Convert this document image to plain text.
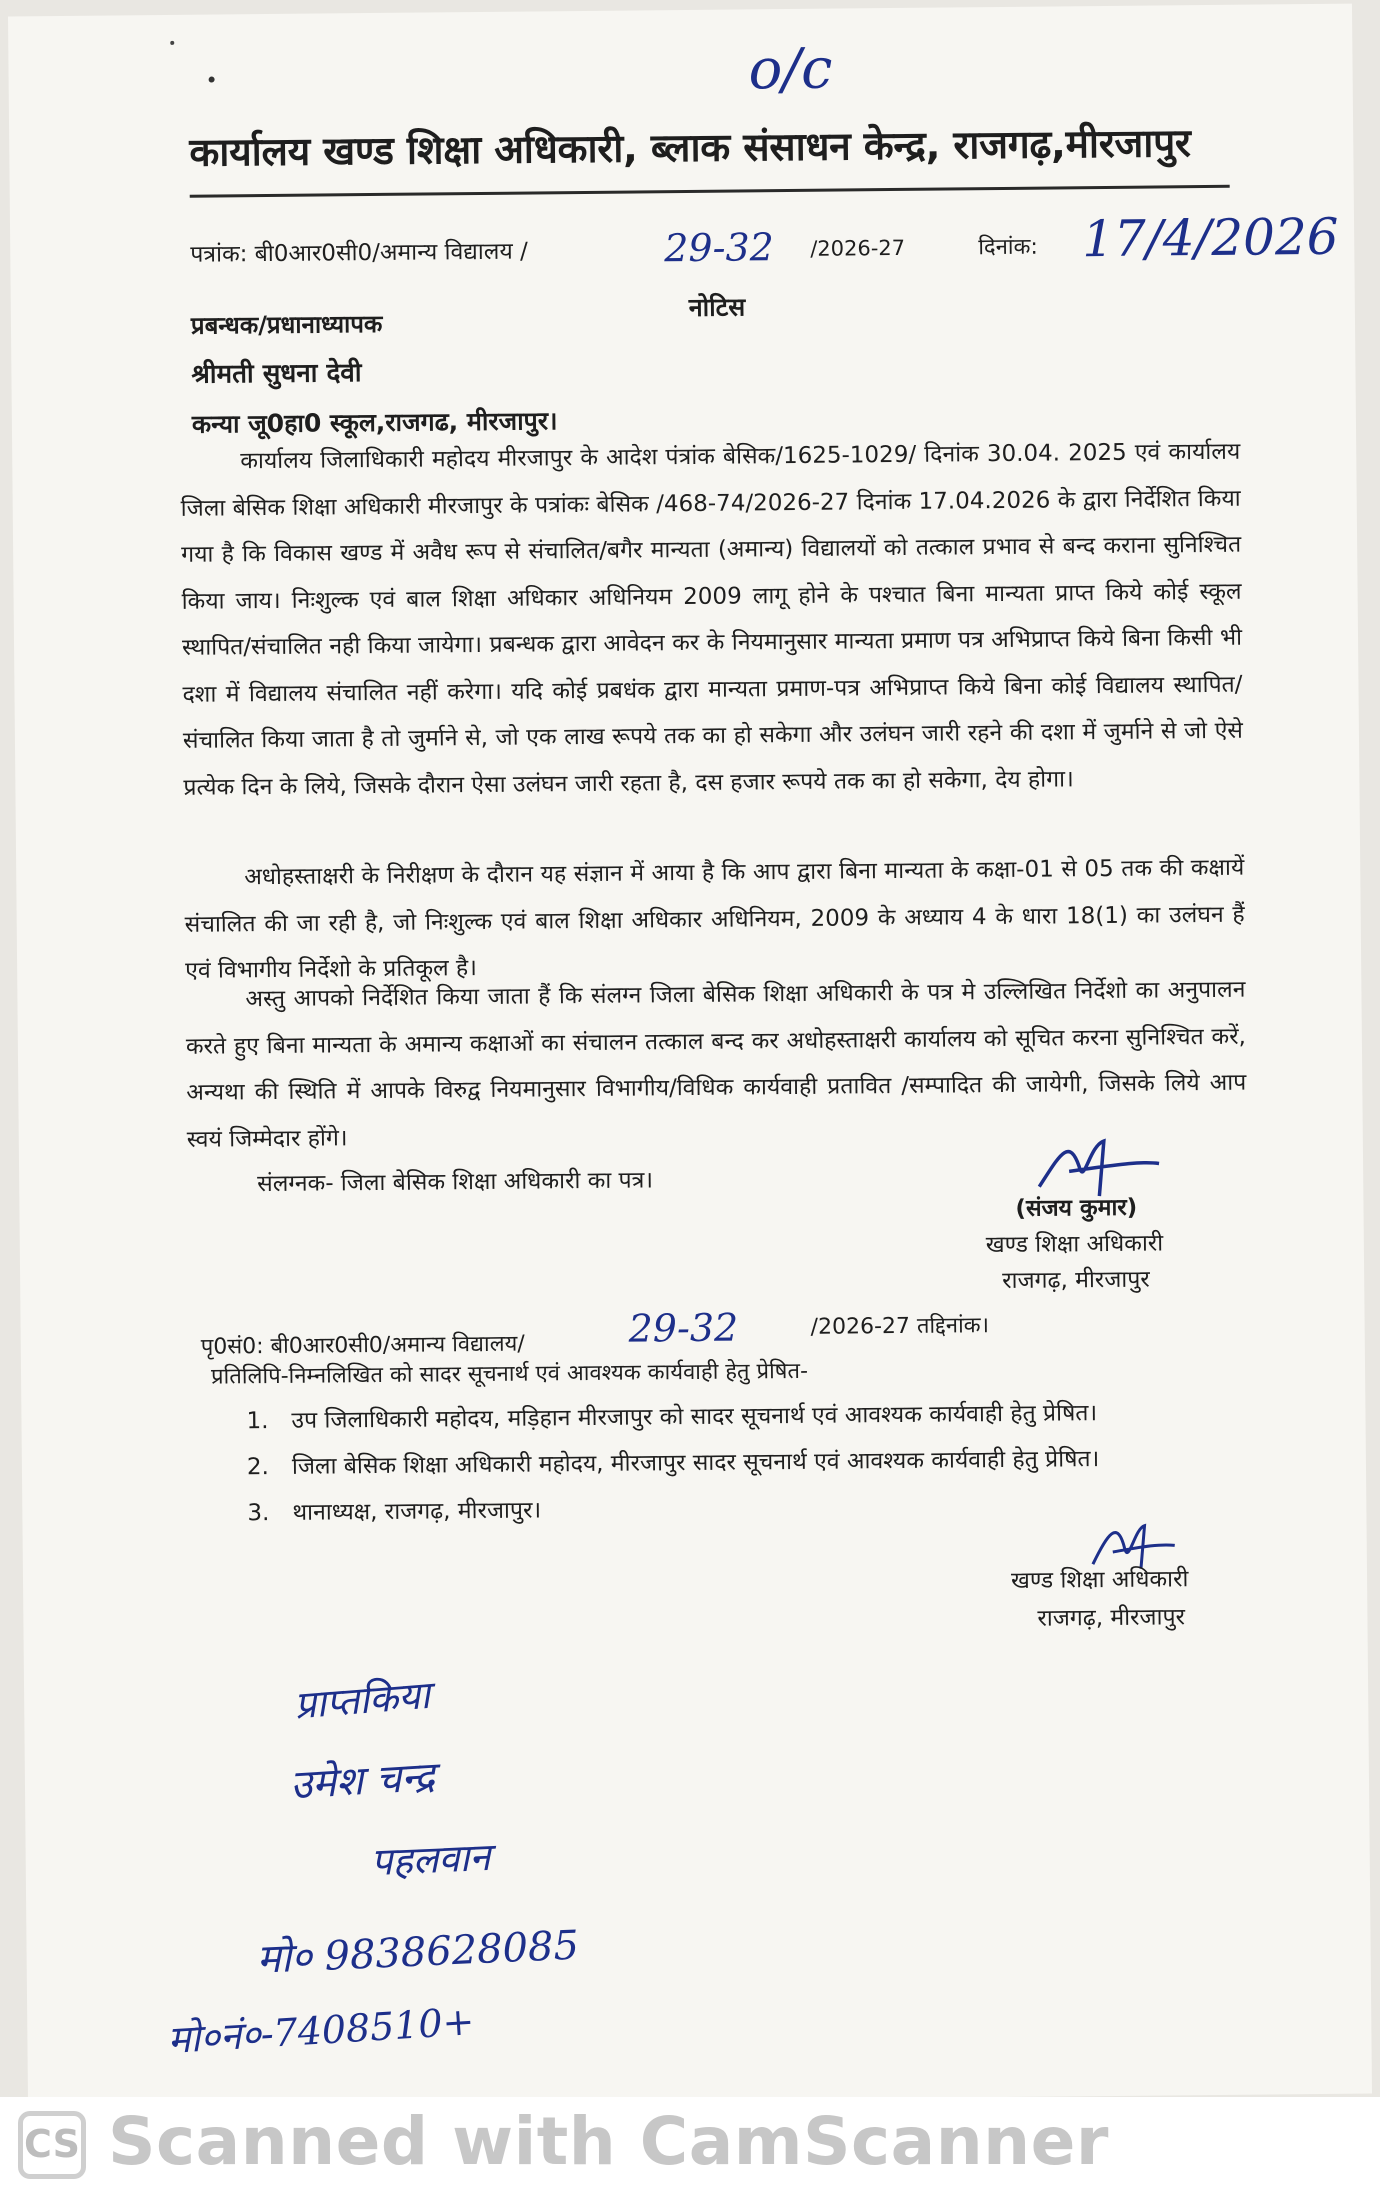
o/c
कार्यालय खण्ड शिक्षा अधिकारी, ब्लाक संसाधन केन्द्र, राजगढ़,मीरजापुर
पत्रांक: बी0आर0सी0/अमान्य विद्यालय /	29-32 /2026-27	दिनांक: 17/4/2026
नोटिस
प्रबन्धक/प्रधानाध्यापक
श्रीमती सुधना देवी
कन्या जू0हा0 स्कूल,राजगढ, मीरजापुर।

कार्यालय जिलाधिकारी महोदय मीरजापुर के आदेश पंत्रांक बेसिक/1625-1029/ दिनांक 30.04. 2025 एवं कार्यालय जिला बेसिक शिक्षा अधिकारी मीरजापुर के पत्रांकः बेसिक /468-74/2026-27 दिनांक 17.04.2026 के द्वारा निर्देशित किया गया है कि विकास खण्ड में अवैध रूप से संचालित/बगैर मान्यता (अमान्य) विद्यालयों को तत्काल प्रभाव से बन्द कराना सुनिश्चित किया जाय। निःशुल्क एवं बाल शिक्षा अधिकार अधिनियम 2009 लागू होने के पश्चात बिना मान्यता प्राप्त किये कोई स्कूल स्थापित/संचालित नही किया जायेगा। प्रबन्धक द्वारा आवेदन कर के नियमानुसार मान्यता प्रमाण पत्र अभिप्राप्त किये बिना किसी भी दशा में विद्यालय संचालित नहीं करेगा। यदि कोई प्रबधंक द्वारा मान्यता प्रमाण-पत्र अभिप्राप्त किये बिना कोई विद्यालय स्थापित/संचालित किया जाता है तो जुर्माने से, जो एक लाख रूपये तक का हो सकेगा और उलंघन जारी रहने की दशा में जुर्माने से जो ऐसे प्रत्येक दिन के लिये, जिसके दौरान ऐसा उलंघन जारी रहता है, दस हजार रूपये तक का हो सकेगा, देय होगा।

अधोहस्ताक्षरी के निरीक्षण के दौरान यह संज्ञान में आया है कि आप द्वारा बिना मान्यता के कक्षा-01 से 05 तक की कक्षायें संचालित की जा रही है, जो निःशुल्क एवं बाल शिक्षा अधिकार अधिनियम, 2009 के अध्याय 4 के धारा 18(1) का उलंघन हैं एवं विभागीय निर्देशो के प्रतिकूल है।

अस्तु आपको निर्देशित किया जाता हैं कि संलग्न जिला बेसिक शिक्षा अधिकारी के पत्र मे उल्लिखित निर्देशो का अनुपालन करते हुए बिना मान्यता के अमान्य कक्षाओं का संचालन तत्काल बन्द कर अधोहस्ताक्षरी कार्यालय को सूचित करना सुनिश्चित करें, अन्यथा की स्थिति में आपके विरुद्व नियमानुसार विभागीय/विधिक कार्यवाही प्रतावित /सम्पादित की जायेगी, जिसके लिये आप स्वयं जिम्मेदार होंगे।

संलग्नक- जिला बेसिक शिक्षा अधिकारी का पत्र।
(संजय कुमार)
खण्ड शिक्षा अधिकारी
राजगढ़, मीरजापुर
पृ0सं0: बी0आर0सी0/अमान्य विद्यालय/	29-32	/2026-27 तद्दिनांक।
प्रतिलिपि-निम्नलिखित को सादर सूचनार्थ एवं आवश्यक कार्यवाही हेतु प्रेषित-
1. उप जिलाधिकारी महोदय, मड़िहान मीरजापुर को सादर सूचनार्थ एवं आवश्यक कार्यवाही हेतु प्रेषित।
2. जिला बेसिक शिक्षा अधिकारी महोदय, मीरजापुर सादर सूचनार्थ एवं आवश्यक कार्यवाही हेतु प्रेषित।
3. थानाध्यक्ष, राजगढ़, मीरजापुर।
खण्ड शिक्षा अधिकारी
राजगढ़, मीरजापुर
प्राप्तकिया
उमेश चन्द्र
पहलवान
मो० 9838628085
मो०नं०-7408510+
CS Scanned with CamScanner
